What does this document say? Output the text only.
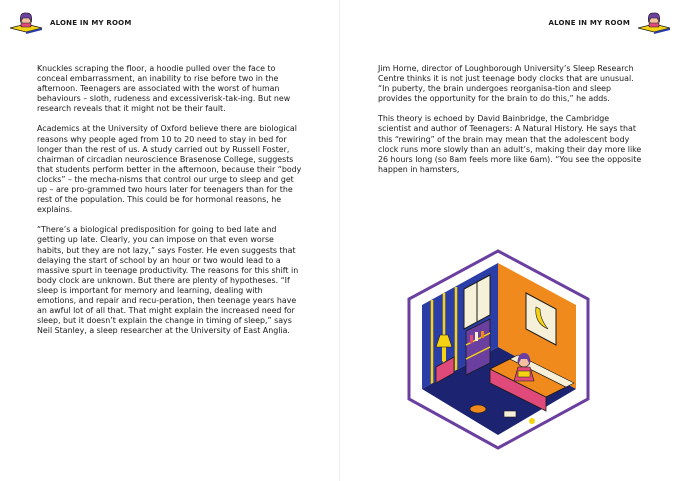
ALONE IN MY ROOM

Knuckles scraping the floor, a hoodie pulled over the face to conceal embarrassment, an inability to rise before two in the afternoon. Teenagers are associated with the worst of human behaviours – sloth, rudeness and excessiverisk-tak-ing. But new research reveals that it might not be their fault.

Academics at the University of Oxford believe there are biological reasons why people aged from 10 to 20 need to stay in bed for longer than the rest of us. A study carried out by Russell Foster, chairman of circadian neuroscience Brasenose College, suggests that students perform better in the afternoon, because their “body clocks” – the mecha-nisms that control our urge to sleep and get up – are pro-grammed two hours later for teenagers than for the rest of the population. This could be for hormonal reasons, he explains.

“There’s a biological predisposition for going to bed late and getting up late. Clearly, you can impose on that even worse habits, but they are not lazy,” says Foster. He even suggests that delaying the start of school by an hour or two would lead to a massive spurt in teenage productivity. The reasons for this shift in body clock are unknown. But there are plenty of hypotheses. “If sleep is important for memory and learning, dealing with emotions, and repair and recu-peration, then teenage years have an awful lot of all that. That might explain the increased need for sleep, but it doesn’t explain the change in timing of sleep,” says Neil Stanley, a sleep researcher at the University of East Anglia.

ALONE IN MY ROOM

Jim Horne, director of Loughborough University’s Sleep Research Centre thinks it is not just teenage body clocks that are unusual. “In puberty, the brain undergoes reorganisa-tion and sleep provides the opportunity for the brain to do this,” he adds.

This theory is echoed by David Bainbridge, the Cambridge scientist and author of Teenagers: A Natural History. He says that this “rewiring” of the brain may mean that the adolescent body clock runs more slowly than an adult’s, making their day more like 26 hours long (so 8am feels more like 6am). “You see the opposite happen in hamsters,
